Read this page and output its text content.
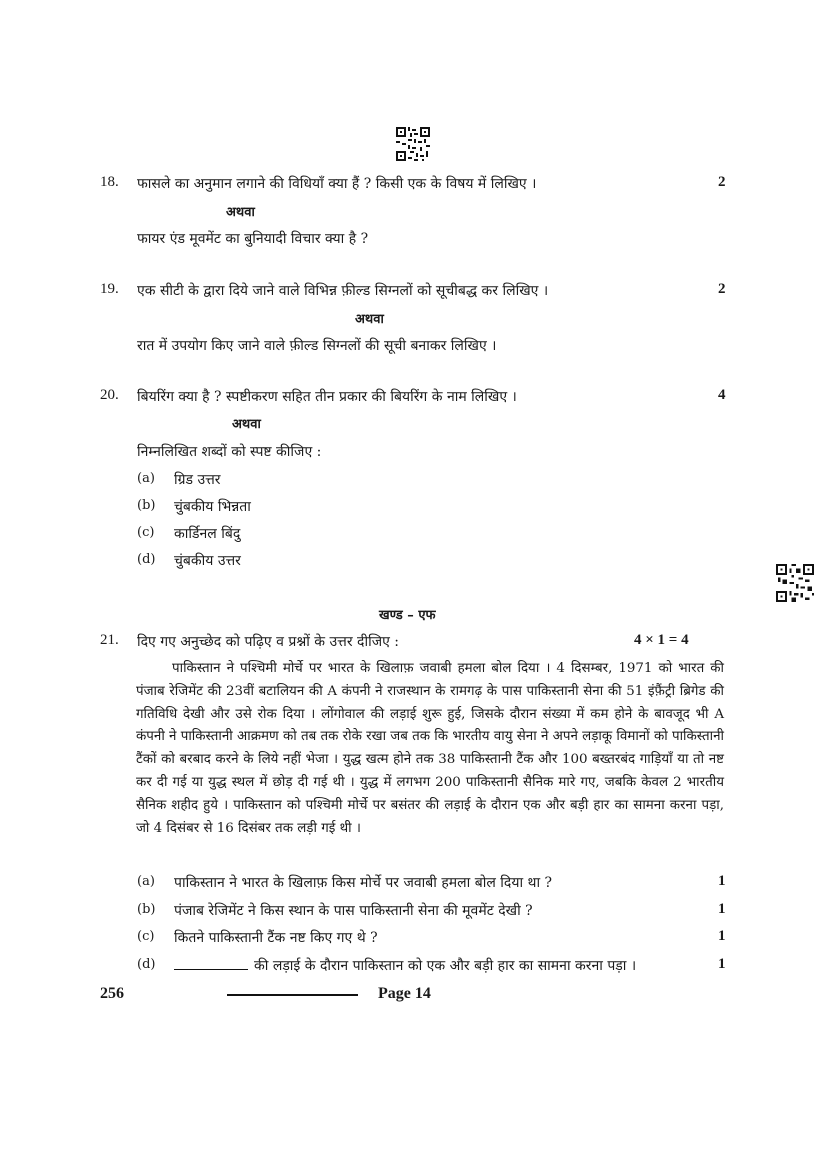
18. फासले का अनुमान लगाने की विधियाँ क्या हैं ? किसी एक के विषय में लिखिए ।	2
अथवा
फायर एंड मूवमेंट का बुनियादी विचार क्या है ?
19. एक सीटी के द्वारा दिये जाने वाले विभिन्न फ़ील्ड सिग्नलों को सूचीबद्ध कर लिखिए ।	2
अथवा
रात में उपयोग किए जाने वाले फ़ील्ड सिग्नलों की सूची बनाकर लिखिए ।
20. बियरिंग क्या है ? स्पष्टीकरण सहित तीन प्रकार की बियरिंग के नाम लिखिए ।	4
अथवा
निम्नलिखित शब्दों को स्पष्ट कीजिए :
(a) ग्रिड उत्तर
(b) चुंबकीय भिन्नता
(c) कार्डिनल बिंदु
(d) चुंबकीय उत्तर
खण्ड – एफ
21. दिए गए अनुच्छेद को पढ़िए व प्रश्नों के उत्तर दीजिए :	4 × 1 = 4
पाकिस्तान ने पश्चिमी मोर्चे पर भारत के खिलाफ़ जवाबी हमला बोल दिया । 4 दिसम्बर, 1971 को भारत की पंजाब रेजिमेंट की 23वीं बटालियन की A कंपनी ने राजस्थान के रामगढ़ के पास पाकिस्तानी सेना की 51 इंफ़ैंट्री ब्रिगेड की गतिविधि देखी और उसे रोक दिया । लोंगोवाल की लड़ाई शुरू हुई, जिसके दौरान संख्या में कम होने के बावजूद भी A कंपनी ने पाकिस्तानी आक्रमण को तब तक रोके रखा जब तक कि भारतीय वायु सेना ने अपने लड़ाकू विमानों को पाकिस्तानी टैंकों को बरबाद करने के लिये नहीं भेजा । युद्ध खत्म होने तक 38 पाकिस्तानी टैंक और 100 बख्तरबंद गाड़ियाँ या तो नष्ट कर दी गई या युद्ध स्थल में छोड़ दी गई थी । युद्ध में लगभग 200 पाकिस्तानी सैनिक मारे गए, जबकि केवल 2 भारतीय सैनिक शहीद हुये । पाकिस्तान को पश्चिमी मोर्चे पर बसंतर की लड़ाई के दौरान एक और बड़ी हार का सामना करना पड़ा, जो 4 दिसंबर से 16 दिसंबर तक लड़ी गई थी ।
(a) पाकिस्तान ने भारत के खिलाफ़ किस मोर्चे पर जवाबी हमला बोल दिया था ?	1
(b) पंजाब रेजिमेंट ने किस स्थान के पास पाकिस्तानी सेना की मूवमेंट देखी ?	1
(c) कितने पाकिस्तानी टैंक नष्ट किए गए थे ?	1
(d)	की लड़ाई के दौरान पाकिस्तान को एक और बड़ी हार का सामना करना पड़ा ।	1
256	Page 14
